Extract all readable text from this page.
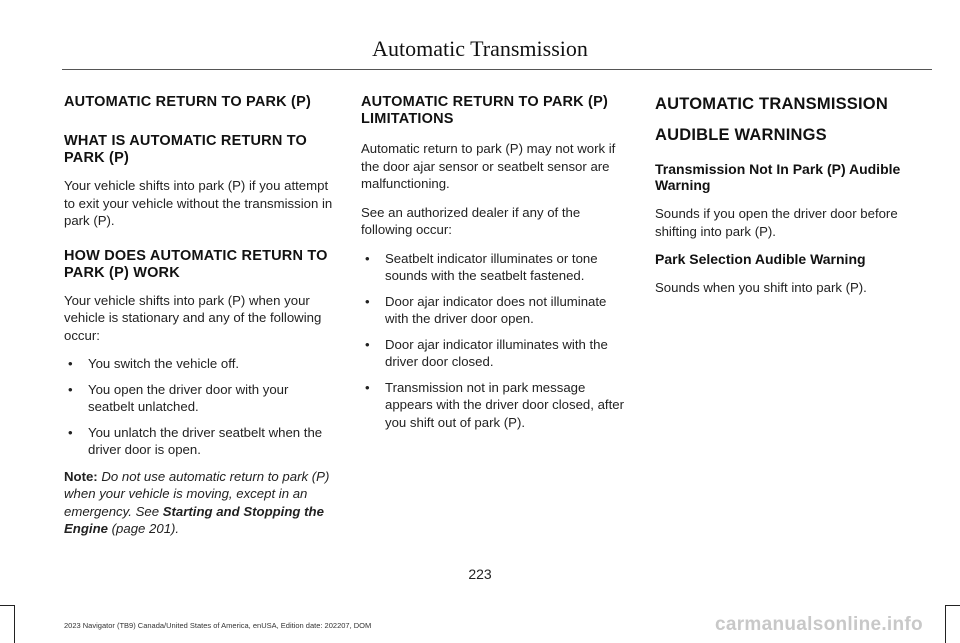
Automatic Transmission
AUTOMATIC RETURN TO PARK (P)
WHAT IS AUTOMATIC RETURN TO PARK (P)

Your vehicle shifts into park (P) if you attempt to exit your vehicle without the transmission in park (P).

HOW DOES AUTOMATIC RETURN TO PARK (P) WORK

Your vehicle shifts into park (P) when your vehicle is stationary and any of the following occur:

• You switch the vehicle off.
• You open the driver door with your seatbelt unlatched.
• You unlatch the driver seatbelt when the driver door is open.

Note: Do not use automatic return to park (P) when your vehicle is moving, except in an emergency. See Starting and Stopping the Engine (page 201).

AUTOMATIC RETURN TO PARK (P) LIMITATIONS

Automatic return to park (P) may not work if the door ajar sensor or seatbelt sensor are malfunctioning.

See an authorized dealer if any of the following occur:

• Seatbelt indicator illuminates or tone sounds with the seatbelt fastened.
• Door ajar indicator does not illuminate with the driver door open.
• Door ajar indicator illuminates with the driver door closed.
• Transmission not in park message appears with the driver door closed, after you shift out of park (P).
AUTOMATIC TRANSMISSION
AUDIBLE WARNINGS
Transmission Not In Park (P) Audible Warning

Sounds if you open the driver door before shifting into park (P).

Park Selection Audible Warning

Sounds when you shift into park (P).

223
2023 Navigator (TB9) Canada/United States of America, enUSA, Edition date: 202207, DOM	carmanualsonline.info
